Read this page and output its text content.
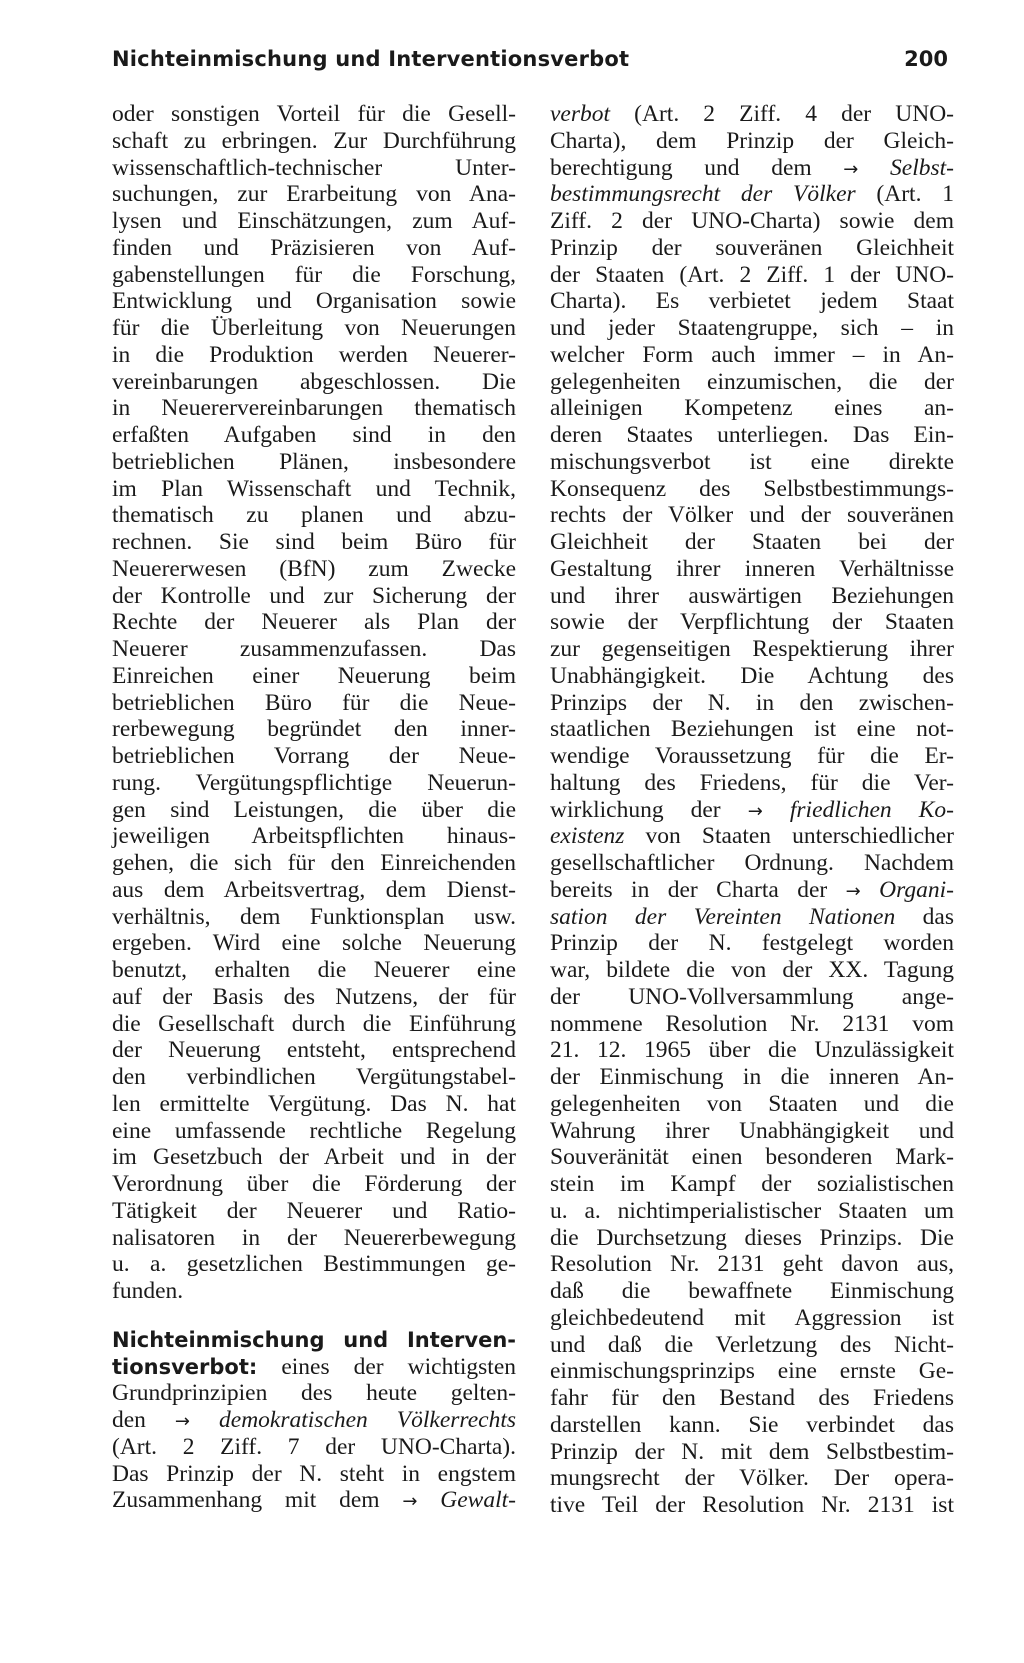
Nichteinmischung und Interventionsverbot	200
oder sonstigen Vorteil für die Gesell-
schaft zu erbringen. Zur Durchführung
wissenschaftlich-technischer Unter-
suchungen, zur Erarbeitung von Ana-
lysen und Einschätzungen, zum Auf-
finden und Präzisieren von Auf-
gabenstellungen für die Forschung,
Entwicklung und Organisation sowie
für die Überleitung von Neuerungen
in die Produktion werden Neuerer-
vereinbarungen abgeschlossen. Die
in Neuerervereinbarungen thematisch
erfaßten Aufgaben sind in den
betrieblichen Plänen, insbesondere
im Plan Wissenschaft und Technik,
thematisch zu planen und abzu-
rechnen. Sie sind beim Büro für
Neuererwesen (BfN) zum Zwecke
der Kontrolle und zur Sicherung der
Rechte der Neuerer als Plan der
Neuerer zusammenzufassen. Das
Einreichen einer Neuerung beim
betrieblichen Büro für die Neue-
rerbewegung begründet den inner-
betrieblichen Vorrang der Neue-
rung. Vergütungspflichtige Neuerun-
gen sind Leistungen, die über die
jeweiligen Arbeitspflichten hinaus-
gehen, die sich für den Einreichenden
aus dem Arbeitsvertrag, dem Dienst-
verhältnis, dem Funktionsplan usw.
ergeben. Wird eine solche Neuerung
benutzt, erhalten die Neuerer eine
auf der Basis des Nutzens, der für
die Gesellschaft durch die Einführung
der Neuerung entsteht, entsprechend
den verbindlichen Vergütungstabel-
len ermittelte Vergütung. Das N. hat
eine umfassende rechtliche Regelung
im Gesetzbuch der Arbeit und in der
Verordnung über die Förderung der
Tätigkeit der Neuerer und Ratio-
nalisatoren in der Neuererbewegung
u. a. gesetzlichen Bestimmungen ge-
funden.
Nichteinmischung und Interven-
tionsverbot: eines der wichtigsten
Grundprinzipien des heute gelten-
den → demokratischen Völkerrechts
(Art. 2 Ziff. 7 der UNO-Charta).
Das Prinzip der N. steht in engstem
Zusammenhang mit dem → Gewalt-
verbot (Art. 2 Ziff. 4 der UNO-
Charta), dem Prinzip der Gleich-
berechtigung und dem → Selbst-
bestimmungsrecht der Völker (Art. 1
Ziff. 2 der UNO-Charta) sowie dem
Prinzip der souveränen Gleichheit
der Staaten (Art. 2 Ziff. 1 der UNO-
Charta). Es verbietet jedem Staat
und jeder Staatengruppe, sich – in
welcher Form auch immer – in An-
gelegenheiten einzumischen, die der
alleinigen Kompetenz eines an-
deren Staates unterliegen. Das Ein-
mischungsverbot ist eine direkte
Konsequenz des Selbstbestimmungs-
rechts der Völker und der souveränen
Gleichheit der Staaten bei der
Gestaltung ihrer inneren Verhältnisse
und ihrer auswärtigen Beziehungen
sowie der Verpflichtung der Staaten
zur gegenseitigen Respektierung ihrer
Unabhängigkeit. Die Achtung des
Prinzips der N. in den zwischen-
staatlichen Beziehungen ist eine not-
wendige Voraussetzung für die Er-
haltung des Friedens, für die Ver-
wirklichung der → friedlichen Ko-
existenz von Staaten unterschiedlicher
gesellschaftlicher Ordnung. Nachdem
bereits in der Charta der → Organi-
sation der Vereinten Nationen das
Prinzip der N. festgelegt worden
war, bildete die von der XX. Tagung
der UNO-Vollversammlung ange-
nommene Resolution Nr. 2131 vom
21. 12. 1965 über die Unzulässigkeit
der Einmischung in die inneren An-
gelegenheiten von Staaten und die
Wahrung ihrer Unabhängigkeit und
Souveränität einen besonderen Mark-
stein im Kampf der sozialistischen
u. a. nichtimperialistischer Staaten um
die Durchsetzung dieses Prinzips. Die
Resolution Nr. 2131 geht davon aus,
daß die bewaffnete Einmischung
gleichbedeutend mit Aggression ist
und daß die Verletzung des Nicht-
einmischungsprinzips eine ernste Ge-
fahr für den Bestand des Friedens
darstellen kann. Sie verbindet das
Prinzip der N. mit dem Selbstbestim-
mungsrecht der Völker. Der opera-
tive Teil der Resolution Nr. 2131 ist
